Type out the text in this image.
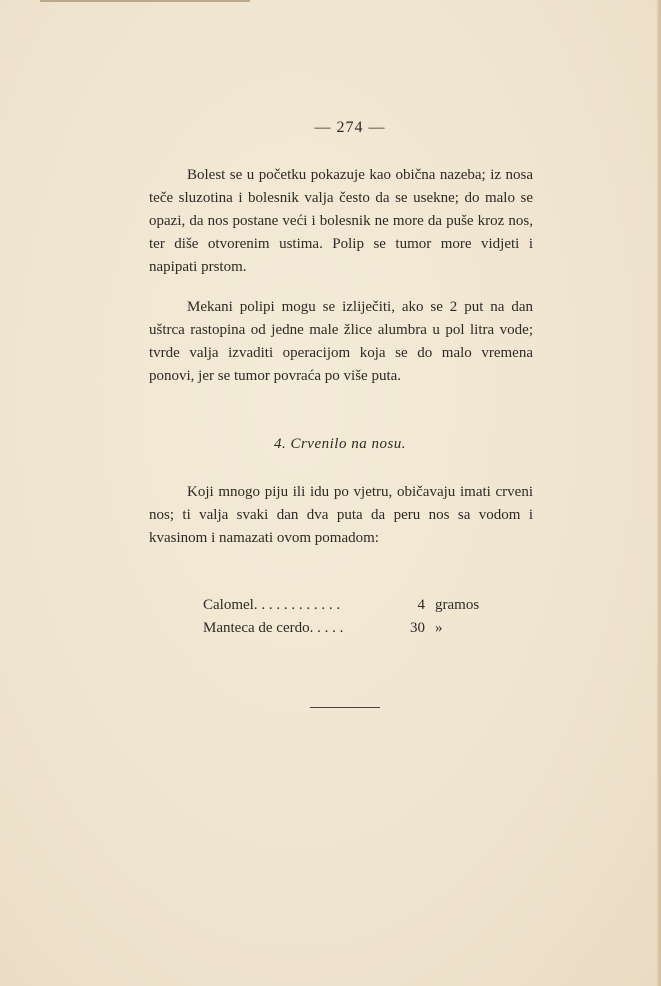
— 274 —

Bolest se u početku pokazuje kao obična nazeba; iz nosa teče sluzotina i bolesnik valja često da se usekne; do malo se opazi, da nos postane veći i bolesnik ne more da puše kroz nos, ter diše otvorenim ustima. Polip se tumor more vidjeti i napipati prstom.

Mekani polipi mogu se izliječiti, ako se 2 put na dan uštrca rastopina od jedne male žlice alumbra u pol litra vode; tvrde valja izvaditi operacijom koja se do malo vremena ponovi, jer se tumor povraća po više puta.

4. Crvenilo na nosu.

Koji mnogo piju ili idu po vjetru, običavaju imati crveni nos; ti valja svaki dan dva puta da peru nos sa vodom i kvasinom i namazati ovom pomadom:

Calomel. . . . . . . . . . . .	4 gramos
Manteca de cerdo. . . . .	30 »
